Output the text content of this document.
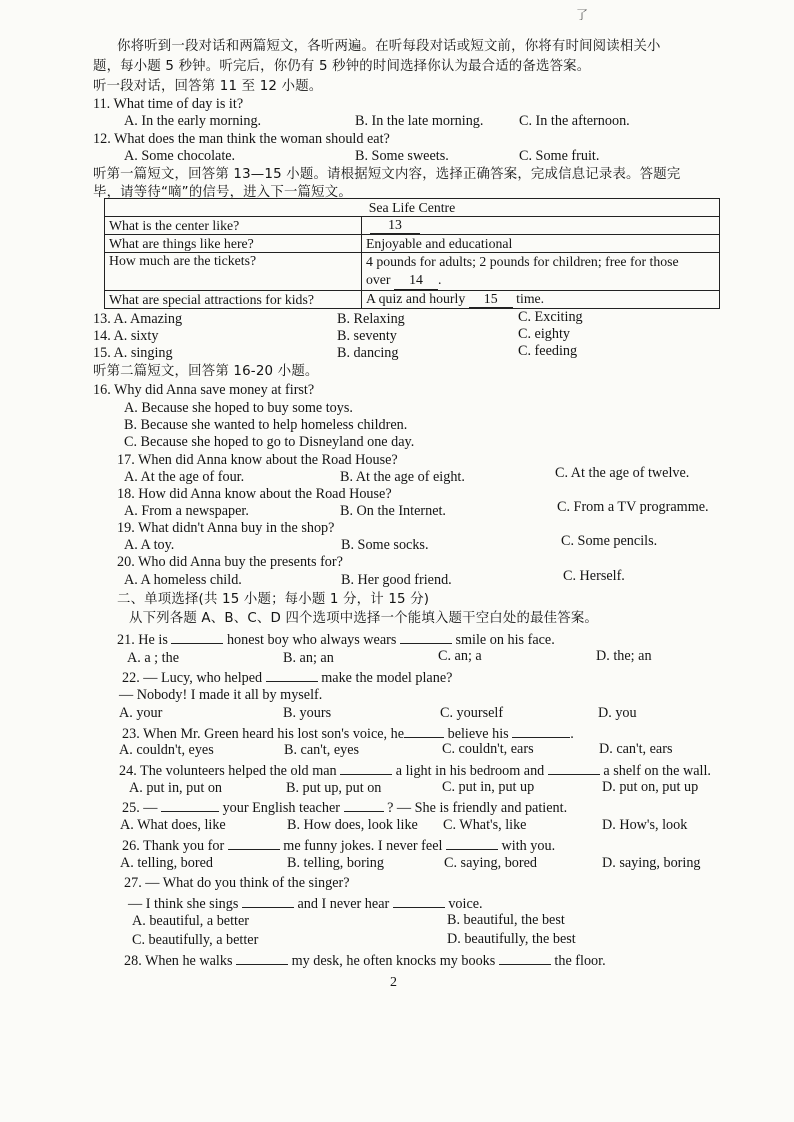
了
你将听到一段对话和两篇短文，各听两遍。在听每段对话或短文前，你将有时间阅读相关小
题，每小题 5 秒钟。听完后，你仍有 5 秒钟的时间选择你认为最合适的备选答案。
听一段对话，回答第 11 至 12 小题。
11. What time of day is it?
A. In the early morning.	B. In the late morning.	C. In the afternoon.
12. What does the man think the woman should eat?
A. Some chocolate.	B. Some sweets.	C. Some fruit.
听第一篇短文，回答第 13—15 小题。请根据短文内容，选择正确答案，完成信息记录表。答题完
毕，请等待“嘀”的信号，进入下一篇短文。
Sea Life Centre	
What is the center like?	13
What are things like here?	Enjoyable and educational
How much are the tickets?	4 pounds for adults; 2 pounds for children; free for those
over 14 .
What are special attractions for kids?	A quiz and hourly 15 time.
13. A. Amazing	B. Relaxing	C. Exciting
14. A. sixty	B. seventy	C. eighty
15. A. singing	B. dancing	C. feeding
听第二篇短文，回答第 16-20 小题。
16. Why did Anna save money at first?
A. Because she hoped to buy some toys.
B. Because she wanted to help homeless children.
C. Because she hoped to go to Disneyland one day.
17. When did Anna know about the Road House?
A. At the age of four.	B. At the age of eight.	C. At the age of twelve.
18. How did Anna know about the Road House?
A. From a newspaper.	B. On the Internet.	C. From a TV programme.
19. What didn't Anna buy in the shop?
A. A toy.	B. Some socks.	C. Some pencils.
20. Who did Anna buy the presents for?
A. A homeless child.	B. Her good friend.	C. Herself.
二、单项选择(共 15 小题；每小题 1 分，计 15 分)
从下列各题 A、B、C、D 四个选项中选择一个能填入题干空白处的最佳答案。
21. He is	honest boy who always wears	smile on his face.
A. a ; the	B. an; an	C. an; a	D. the; an
22. — Lucy, who helped	make the model plane?
— Nobody! I made it all by myself.
A. your	B. yours	C. yourself	D. you
23. When Mr. Green heard his lost son's voice, he	believe his	.
A. couldn't, eyes	B. can't, eyes	C. couldn't, ears	D. can't, ears
24. The volunteers helped the old man	a light in his bedroom and	a shelf on the wall.
A. put in, put on	B. put up, put on	C. put in, put up	D. put on, put up
25. —	your English teacher	? — She is friendly and patient.
A. What does, like	B. How does, look like C. What's, like	D. How's, look
26. Thank you for	me funny jokes. I never feel	with you.
A. telling, bored	B. telling, boring	C. saying, bored	D. saying, boring
27. — What do you think of the singer?
— I think she sings	and I never hear	voice.
A. beautiful, a better	B. beautiful, the best
C. beautifully, a better	D. beautifully, the best
28. When he walks	my desk, he often knocks my books	the floor.
2
